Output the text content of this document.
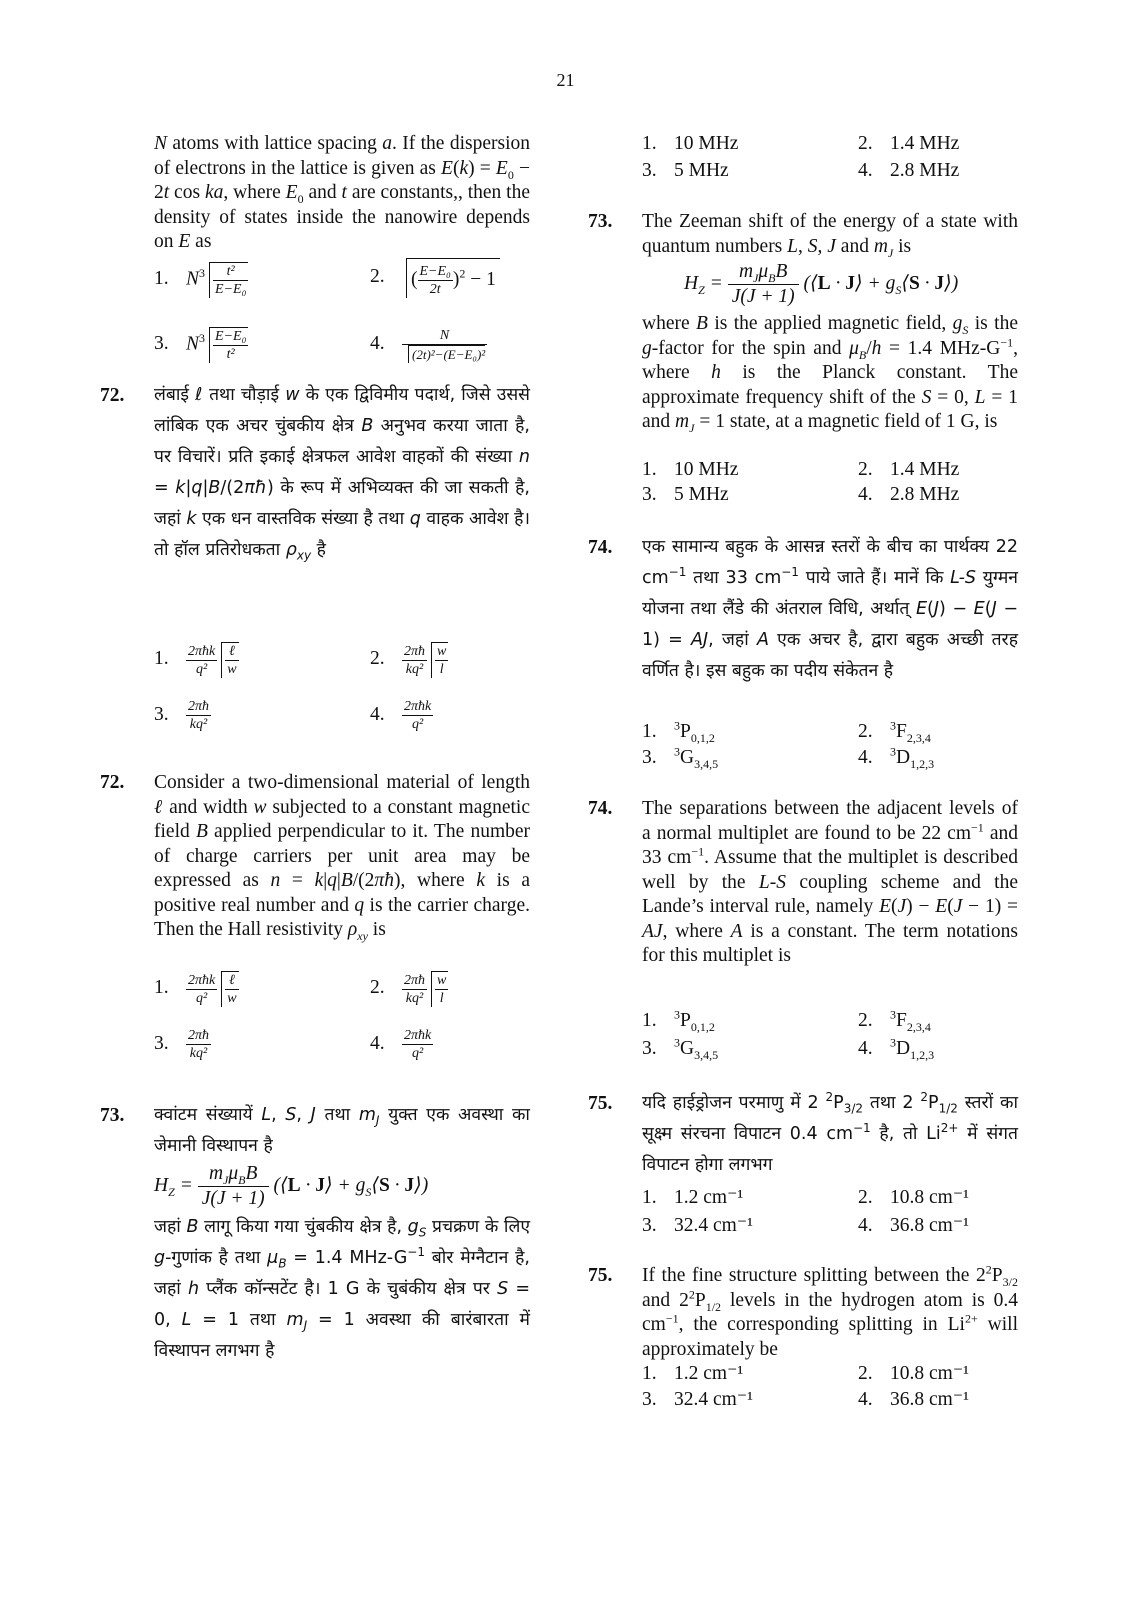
21
N atoms with lattice spacing a. If the dispersion of electrons in the lattice is given as $E(k) = E_0 - 2t$ cos ka, where $E_0$ and t are constants,, then the density of states inside the nanowire depends on E as
1. $N^3 \frac{\text{t²}}{\text{E−E₀}}$	2. ( $\frac{\text{E−E₀}}{2t} )^2 - 1$
3. $N^3 \frac{\text{E−E₀}}{\text{t²}}$	4. $\frac{N}{\text{(2t)²−(E−E₀)²}}$
72. लंबाई ℓ तथा चौड़ाई w के एक द्विविमीय पदार्थ, जिसे उससे लांबिक एक अचर चुंबकीय क्षेत्र B अनुभव करया जाता है, पर विचारें। प्रति इकाई क्षेत्रफल आवेश वाहकों की संख्या n = k|q|B/(2πħ) के रूप में अभिव्यक्त की जा सकती है, जहां k एक धन वास्तविक संख्या है तथा q वाहक आवेश है। तो हॉल प्रतिरोधकता $\rho_{xy}$ है
1. $\frac{\text{2πħk}}{\text{q²}} \frac{\text{ℓ}}{w}$	2. $\frac{2\pi ħ}{\text{kq²}} \frac{w}{l}$
3. $\frac{2\pi ħ}{\text{kq²}}$	4. $\frac{\text{2πħk}}{\text{q²}}$
72. Consider a two-dimensional material of length ℓ and width w subjected to a constant magnetic field B applied perpendicular to it. The number of charge carriers per unit area may be expressed as n = k|q|B/(2πħ), where k is a positive real number and q is the carrier charge. Then the Hall resistivity $\rho_{xy}$ is
1. $\frac{\text{2πħk}}{\text{q²}} \frac{\text{ℓ}}{w}$	2. $\frac{2\pi ħ}{\text{kq²}} \frac{w}{l}$
3. $\frac{2\pi ħ}{\text{kq²}}$	4. $\frac{\text{2πħk}}{\text{q²}}$
73. क्वांटम संख्यायें L, S, J तथा $m_J$ युक्त एक अवस्था का जेमानी विस्थापन है
$H_Z = \frac{m_J\mu_BB}{J(J + 1)}$ (⟨L · J⟩ + $g_S⟨S$ · J⟩)
जहां B लागू किया गया चुंबकीय क्षेत्र है, $g_S$ प्रचक्रण के लिए g-गुणांक है तथा $\mu_B = 1.4$ MHz-$G^{-1}$ बोर मेग्नैटान है, जहां h प्लैंक कॉन्सटेंट है। 1 G के चुबंकीय क्षेत्र पर S = 0, L = 1 तथा $m_J = 1$ अवस्था की बारंबारता में विस्थापन लगभग है
1. 10 MHz	2. 1.4 MHz
3. 5 MHz	4. 2.8 MHz
73. The Zeeman shift of the energy of a state with quantum numbers L, S, J and $m_J$ is
$H_Z = \frac{m_J\mu_BB}{J(J + 1)}$ (⟨L · J⟩ + $g_S⟨S$ · J⟩)
where B is the applied magnetic field, $g_S$ is the g-factor for the spin and $\mu_B/h = 1.4$ MHz-$G^{-1}$, where h is the Planck constant. The approximate frequency shift of the S = 0, L = 1 and $m_J = 1$ state, at a magnetic field of 1 G, is
1. 10 MHz	2. 1.4 MHz
3. 5 MHz	4. 2.8 MHz
74. एक सामान्य बहुक के आसन्न स्तरों के बीच का पार्थक्य 22 $cm^{-1}$ तथा 33 $cm^{-1}$ पाये जाते हैं। मानें कि L-S युग्मन योजना तथा लैंडे की अंतराल विधि, अर्थात् E(J) − E(J − 1) = AJ, जहां A एक अचर है, द्वारा बहुक अच्छी तरह वर्णित है। इस बहुक का पदीय संकेतन है
1. $^3P_{0,1,2}$	2. $^3F_{2,3,4}$
3. $^3G_{3,4,5}$	4. $^3D_{1,2,3}$
74. The separations between the adjacent levels of a normal multiplet are found to be 22 $cm^{-1}$ and 33 $cm^{-1}$. Assume that the multiplet is described well by the L-S coupling scheme and the Lande’s interval rule, namely E(J) − E(J − 1) = AJ, where A is a constant. The term notations for this multiplet is
1. $^3P_{0,1,2}$	2. $^3F_{2,3,4}$
3. $^3G_{3,4,5}$	4. $^3D_{1,2,3}$
75. यदि हाईड्रोजन परमाणु में 2 $^2P_{3/2}$ तथा 2 $^2P_{1/2}$ स्तरों का सूक्ष्म संरचना विपाटन 0.4 $cm^{-1}$ है, तो $Li^{2+}$ में संगत विपाटन होगा लगभग
1. 1.2 cm⁻¹	2. 10.8 cm⁻¹
3. 32.4 cm⁻¹	4. 36.8 cm⁻¹
75. If the fine structure splitting between the $2^2P_{3/2}$ and $2^2P_{1/2}$ levels in the hydrogen atom is 0.4 $cm^{-1}$, the corresponding splitting in $Li^{2+}$ will approximately be
1. 1.2 cm⁻¹	2. 10.8 cm⁻¹
3. 32.4 cm⁻¹	4. 36.8 cm⁻¹
